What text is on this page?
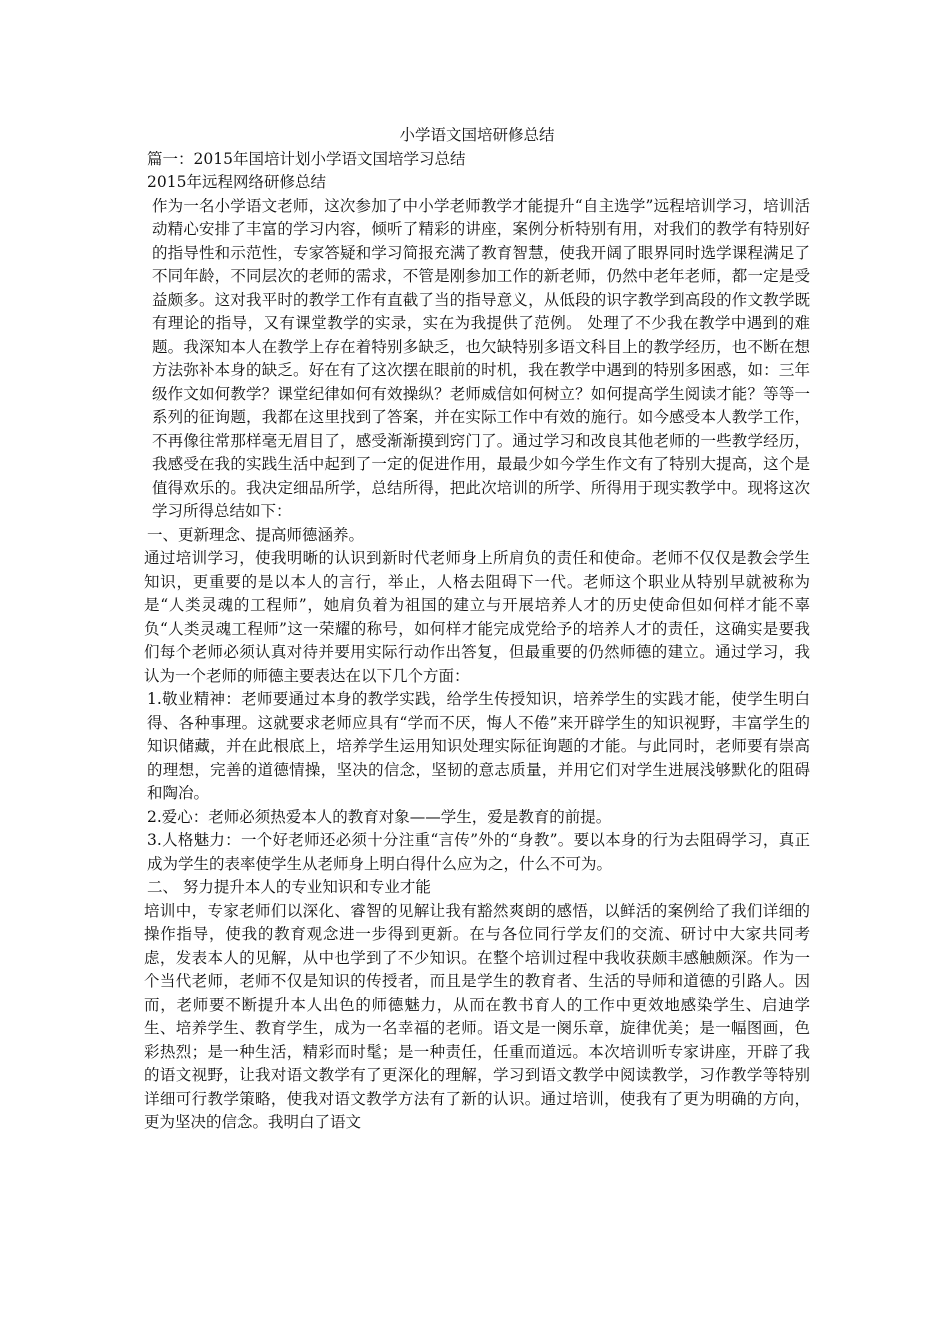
小学语文国培研修总结

篇一：2015年国培计划小学语文国培学习总结

2015年远程网络研修总结

作为一名小学语文老师，这次参加了中小学老师教学才能提升“自主选学”远程培训学习，培训活动精心安排了丰富的学习内容，倾听了精彩的讲座，案例分析特别有用，对我们的教学有特别好的指导性和示范性，专家答疑和学习简报充满了教育智慧，使我开阔了眼界同时选学课程满足了不同年龄，不同层次的老师的需求，不管是刚参加工作的新老师，仍然中老年老师，都一定是受益颇多。这对我平时的教学工作有直截了当的指导意义，从低段的识字教学到高段的作文教学既有理论的指导，又有课堂教学的实录，实在为我提供了范例。 处理了不少我在教学中遇到的难题。我深知本人在教学上存在着特别多缺乏，也欠缺特别多语文科目上的教学经历，也不断在想方法弥补本身的缺乏。好在有了这次摆在眼前的时机，我在教学中遇到的特别多困惑，如：三年级作文如何教学？课堂纪律如何有效操纵？老师威信如何树立？如何提高学生阅读才能？等等一系列的征询题，我都在这里找到了答案，并在实际工作中有效的施行。如今感受本人教学工作，不再像往常那样毫无眉目了，感受渐渐摸到窍门了。通过学习和改良其他老师的一些教学经历，我感受在我的实践生活中起到了一定的促进作用，最最少如今学生作文有了特别大提高，这个是值得欢乐的。我决定细品所学，总结所得，把此次培训的所学、所得用于现实教学中。现将这次学习所得总结如下：

一、更新理念、提高师德涵养。

通过培训学习，使我明晰的认识到新时代老师身上所肩负的责任和使命。老师不仅仅是教会学生知识，更重要的是以本人的言行，举止，人格去阻碍下一代。老师这个职业从特别早就被称为是“人类灵魂的工程师”，她肩负着为祖国的建立与开展培养人才的历史使命但如何样才能不辜负“人类灵魂工程师”这一荣耀的称号，如何样才能完成党给予的培养人才的责任，这确实是要我们每个老师必须认真对待并要用实际行动作出答复，但最重要的仍然师德的建立。通过学习，我认为一个老师的师德主要表达在以下几个方面：

1.敬业精神：老师要通过本身的教学实践，给学生传授知识，培养学生的实践才能，使学生明白得、各种事理。这就要求老师应具有“学而不厌，悔人不倦”来开辟学生的知识视野，丰富学生的知识储藏，并在此根底上，培养学生运用知识处理实际征询题的才能。与此同时，老师要有崇高的理想，完善的道德情操，坚决的信念，坚韧的意志质量，并用它们对学生进展浅够默化的阻碍和陶冶。

2.爱心：老师必须热爱本人的教育对象——学生，爱是教育的前提。

3.人格魅力：一个好老师还必须十分注重“言传”外的“身教”。要以本身的行为去阻碍学习，真正成为学生的表率使学生从老师身上明白得什么应为之，什么不可为。

二、 努力提升本人的专业知识和专业才能

培训中，专家老师们以深化、睿智的见解让我有豁然爽朗的感悟，以鲜活的案例给了我们详细的操作指导，使我的教育观念进一步得到更新。在与各位同行学友们的交流、研讨中大家共同考虑，发表本人的见解，从中也学到了不少知识。在整个培训过程中我收获颇丰感触颇深。作为一个当代老师，老师不仅是知识的传授者，而且是学生的教育者、生活的导师和道德的引路人。因而，老师要不断提升本人出色的师德魅力，从而在教书育人的工作中更效地感染学生、启迪学生、培养学生、教育学生，成为一名幸福的老师。语文是一阕乐章，旋律优美；是一幅图画，色彩热烈；是一种生活，精彩而时髦；是一种责任，任重而道远。本次培训听专家讲座，开辟了我的语文视野，让我对语文教学有了更深化的理解，学习到语文教学中阅读教学，习作教学等特别详细可行教学策略，使我对语文教学方法有了新的认识。通过培训，使我有了更为明确的方向，更为坚决的信念。我明白了语文
